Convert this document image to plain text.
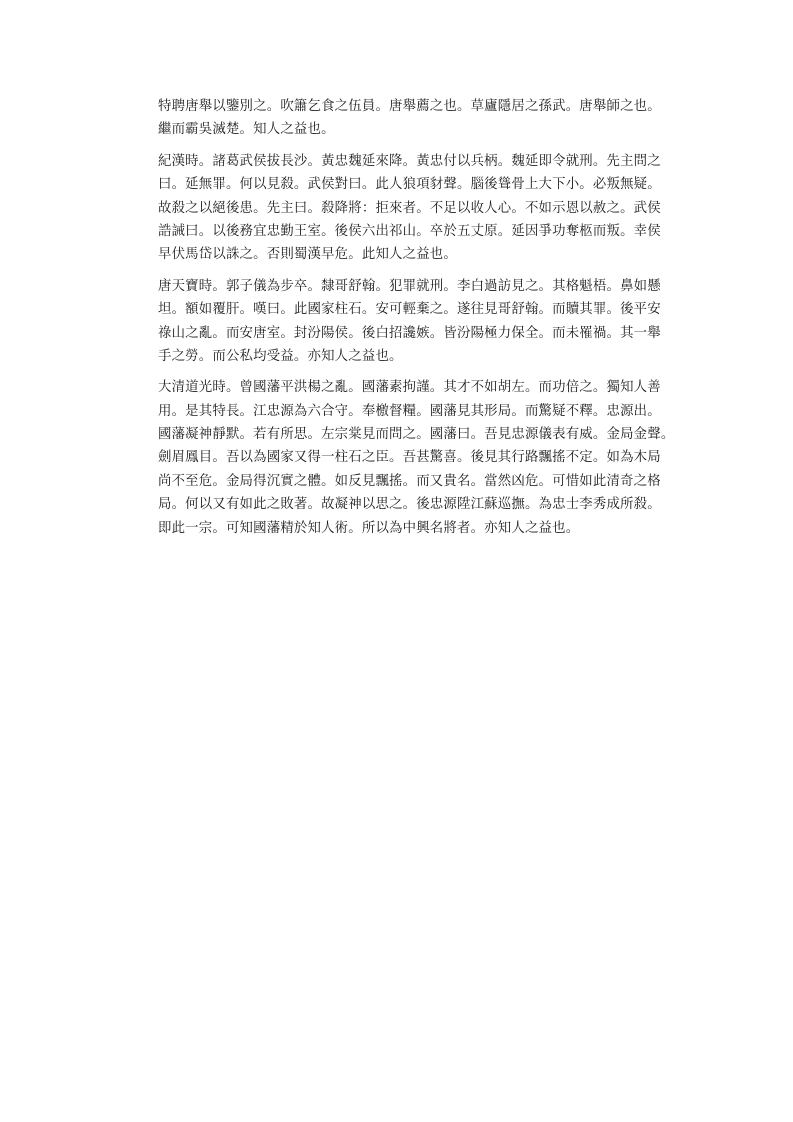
特聘唐舉以鑒別之。吹簫乞食之伍員。唐舉薦之也。草廬隱居之孫武。唐舉師之也。
繼而霸吳滅楚。知人之益也。
紀漢時。諸葛武侯拔長沙。黃忠魏延來降。黃忠付以兵柄。魏延即令就刑。先主問之
曰。延無罪。何以見殺。武侯對曰。此人狼項豺聲。腦後聳骨上大下小。必叛無疑。
故殺之以絕後患。先主曰。殺降將：拒來者。不足以收人心。不如示恩以赦之。武侯
誥誡曰。以後務宜忠勤王室。後侯六出祁山。卒於五丈原。延因爭功奪柩而叛。幸侯
早伏馬岱以誅之。否則蜀漢早危。此知人之益也。
唐天寶時。郭子儀為步卒。隸哥舒翰。犯罪就刑。李白過訪見之。其格魁梧。鼻如懸
坦。額如覆肝。嘆曰。此國家柱石。安可輕棄之。遂往見哥舒翰。而贖其罪。後平安
祿山之亂。而安唐室。封汾陽侯。後白招讒嫉。皆汾陽極力保全。而未罹禍。其一舉
手之勞。而公私均受益。亦知人之益也。
大清道光時。曾國藩平洪楊之亂。國藩素拘謹。其才不如胡左。而功倍之。獨知人善
用。是其特長。江忠源為六合守。奉檄督糧。國藩見其形局。而驚疑不釋。忠源出。
國藩凝神靜默。若有所思。左宗棠見而問之。國藩曰。吾見忠源儀表有威。金局金聲。
劍眉鳳目。吾以為國家又得一柱石之臣。吾甚驚喜。後見其行路飄搖不定。如為木局
尚不至危。金局得沉實之體。如反見飄搖。而又貴名。當然凶危。可惜如此清奇之格
局。何以又有如此之敗著。故凝神以思之。後忠源陞江蘇巡撫。為忠士李秀成所殺。
即此一宗。可知國藩精於知人術。所以為中興名將者。亦知人之益也。
